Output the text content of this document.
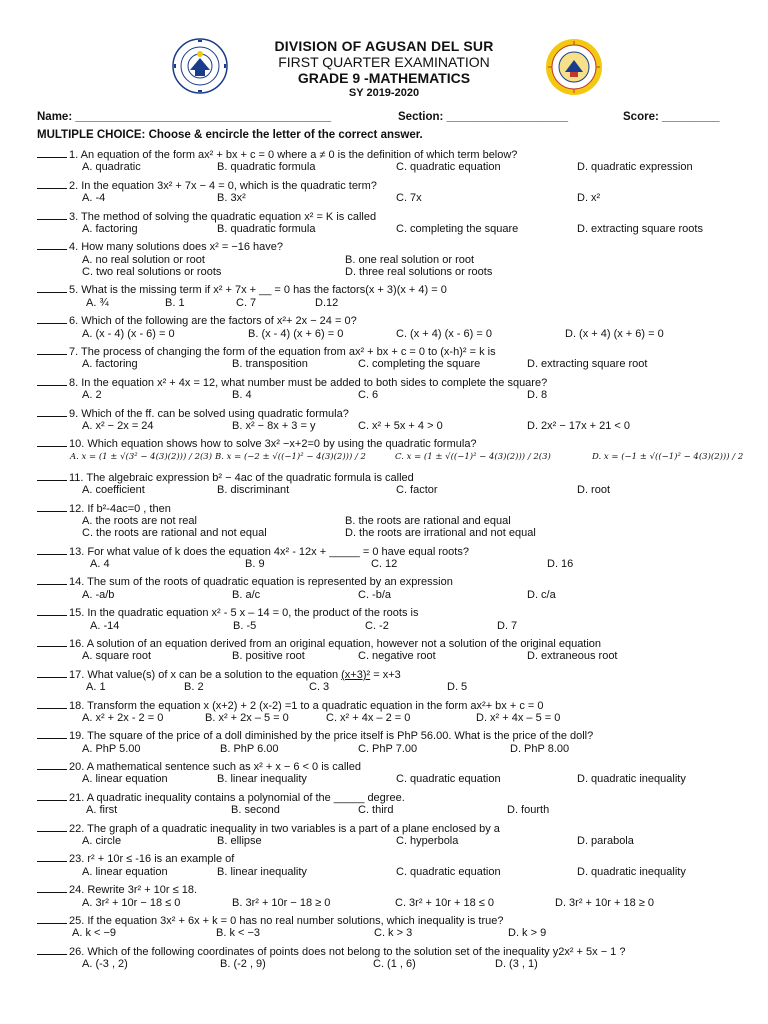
DIVISION OF AGUSAN DEL SUR
FIRST QUARTER EXAMINATION
GRADE 9 -MATHEMATICS
SY 2019-2020
Name: ________________________________________	Section: ___________________	Score: _________
MULTIPLE CHOICE: Choose & encircle the letter of the correct answer.
1. An equation of the form ax² + bx + c = 0 where a ≠ 0 is the definition of which term below?
A. quadratic	B. quadratic formula	C. quadratic equation	D. quadratic expression
2. In the equation 3x² + 7x − 4 = 0, which is the quadratic term?
A. -4	B. 3x²	C. 7x	D. x²
3. The method of solving the quadratic equation x² = K is called
A. factoring	B. quadratic formula	C. completing the square	D. extracting square roots
4. How many solutions does x² = −16 have?
A. no real solution or root	B. one real solution or root
C. two real solutions or roots	D. three real solutions or roots
5. What is the missing term if x² + 7x + __ = 0 has the factors(x + 3)(x + 4) = 0
A. ¾	B. 1	C. 7	D.12
6. Which of the following are the factors of x²+ 2x − 24 = 0?
A. (x - 4) (x - 6) = 0	B. (x - 4) (x + 6) = 0	C. (x + 4) (x - 6) = 0	D. (x + 4) (x + 6) = 0
7. The process of changing the form of the equation from ax² + bx + c = 0 to (x-h)² = k is
A. factoring	B. transposition	C. completing the square	D. extracting square root
8. In the equation x² + 4x = 12, what number must be added to both sides to complete the square?
A. 2	B. 4	C. 6	D. 8
9. Which of the ff. can be solved using quadratic formula?
A. x² − 2x = 24	B. x² − 8x + 3 = y	C. x² + 5x + 4 > 0	D. 2x² − 17x + 21 < 0
10. Which equation shows how to solve 3x² −x+2=0 by using the quadratic formula?
A. x = (1 ± √(3² − 4(3)(2))) / 2(3) B. x = (−2 ± √((−1)² − 4(3)(2))) / 2	C. x = (1 ± √((−1)² − 4(3)(2))) / 2(3)	D. x = (−1 ± √((−1)² − 4(3)(2))) / 2
11. The algebraic expression b² − 4ac of the quadratic formula is called
A. coefficient	B. discriminant	C. factor	D. root
12. If b²-4ac=0 , then
A. the roots are not real	B. the roots are rational and equal
C. the roots are rational and not equal	D. the roots are irrational and not equal
13. For what value of k does the equation 4x² - 12x + _____ = 0 have equal roots?
A. 4	B. 9	C. 12	D. 16
14. The sum of the roots of quadratic equation is represented by an expression
A. -a/b	B. a/c	C. -b/a	D. c/a
15. In the quadratic equation x² - 5 x – 14 = 0, the product of the roots is
A. -14	B. -5	C. -2	D. 7
16. A solution of an equation derived from an original equation, however not a solution of the original equation
A. square root	B. positive root	C. negative root	D. extraneous root
17. What value(s) of x can be a solution to the equation (x+3)² = x+3
A. 1	B. 2	C. 3	D. 5
18. Transform the equation x (x+2) + 2 (x-2) =1 to a quadratic equation in the form ax²+ bx + c = 0
A. x² + 2x - 2 = 0	B. x² + 2x – 5 = 0	C. x² + 4x – 2 = 0	D. x² + 4x – 5 = 0
19. The square of the price of a doll diminished by the price itself is PhP 56.00. What is the price of the doll?
A. PhP 5.00	B. PhP 6.00	C. PhP 7.00	D. PhP 8.00
20. A mathematical sentence such as x² + x − 6 < 0 is called
A. linear equation	B. linear inequality	C. quadratic equation	D. quadratic inequality
21. A quadratic inequality contains a polynomial of the _____ degree.
A. first	B. second	C. third	D. fourth
22. The graph of a quadratic inequality in two variables is a part of a plane enclosed by a
A. circle	B. ellipse	C. hyperbola	D. parabola
23. r² + 10r ≤ -16 is an example of
A. linear equation	B. linear inequality	C. quadratic equation	D. quadratic inequality
24. Rewrite 3r² + 10r ≤ 18.
A. 3r² + 10r − 18 ≤ 0	B. 3r² + 10r − 18 ≥ 0	C. 3r² + 10r + 18 ≤ 0	D. 3r² + 10r + 18 ≥ 0
25. If the equation 3x² + 6x + k = 0 has no real number solutions, which inequality is true?
A. k < −9	B. k < −3	C. k > 3	D. k > 9
26. Which of the following coordinates of points does not belong to the solution set of the inequality y2x² + 5x − 1 ?
A. (-3 , 2)	B. (-2 , 9)	C. (1 , 6)	D. (3 , 1)
